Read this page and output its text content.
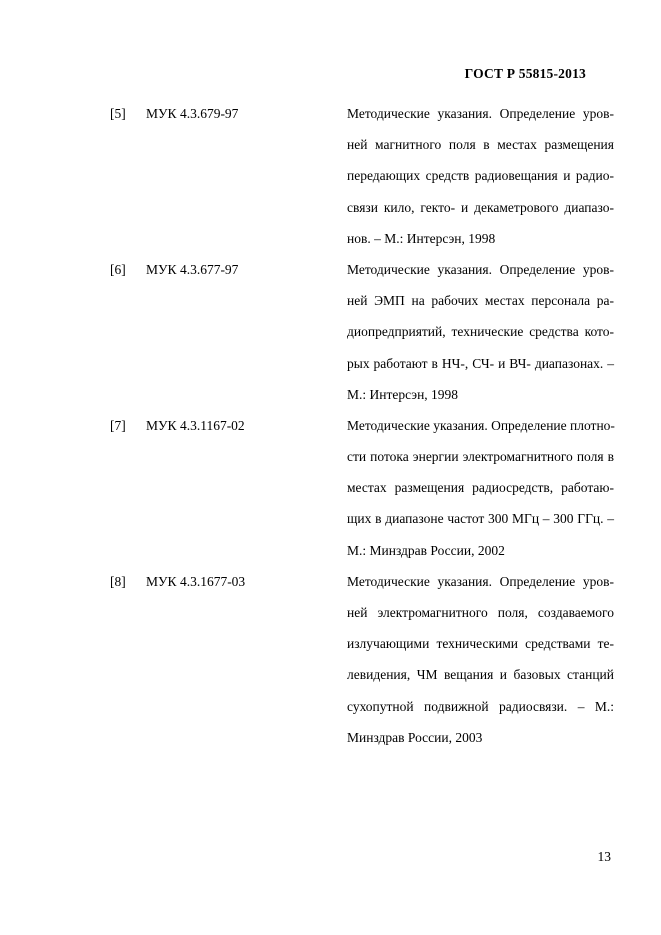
ГОСТ Р 55815-2013
[5] МУК 4.3.679-97	Методические указания. Определение уров-
ней магнитного поля в местах размещения
передающих средств радиовещания и радио-
связи кило, гекто- и декаметрового диапазо-
нов. – М.: Интерсэн, 1998
[6] МУК 4.3.677-97	Методические указания. Определение уров-
ней ЭМП на рабочих местах персонала ра-
диопредприятий, технические средства кото-
рых работают в НЧ-, СЧ- и ВЧ- диапазонах. –
М.: Интерсэн, 1998
[7] МУК 4.3.1167-02	Методические указания. Определение плотно-
сти потока энергии электромагнитного поля в
местах размещения радиосредств, работаю-
щих в диапазоне частот 300 МГц – 300 ГГц. –
М.: Минздрав России, 2002
[8] МУК 4.3.1677-03	Методические указания. Определение уров-
ней электромагнитного поля, создаваемого
излучающими техническими средствами те-
левидения, ЧМ вещания и базовых станций
сухопутной подвижной радиосвязи. – М.:
Минздрав России, 2003
13
